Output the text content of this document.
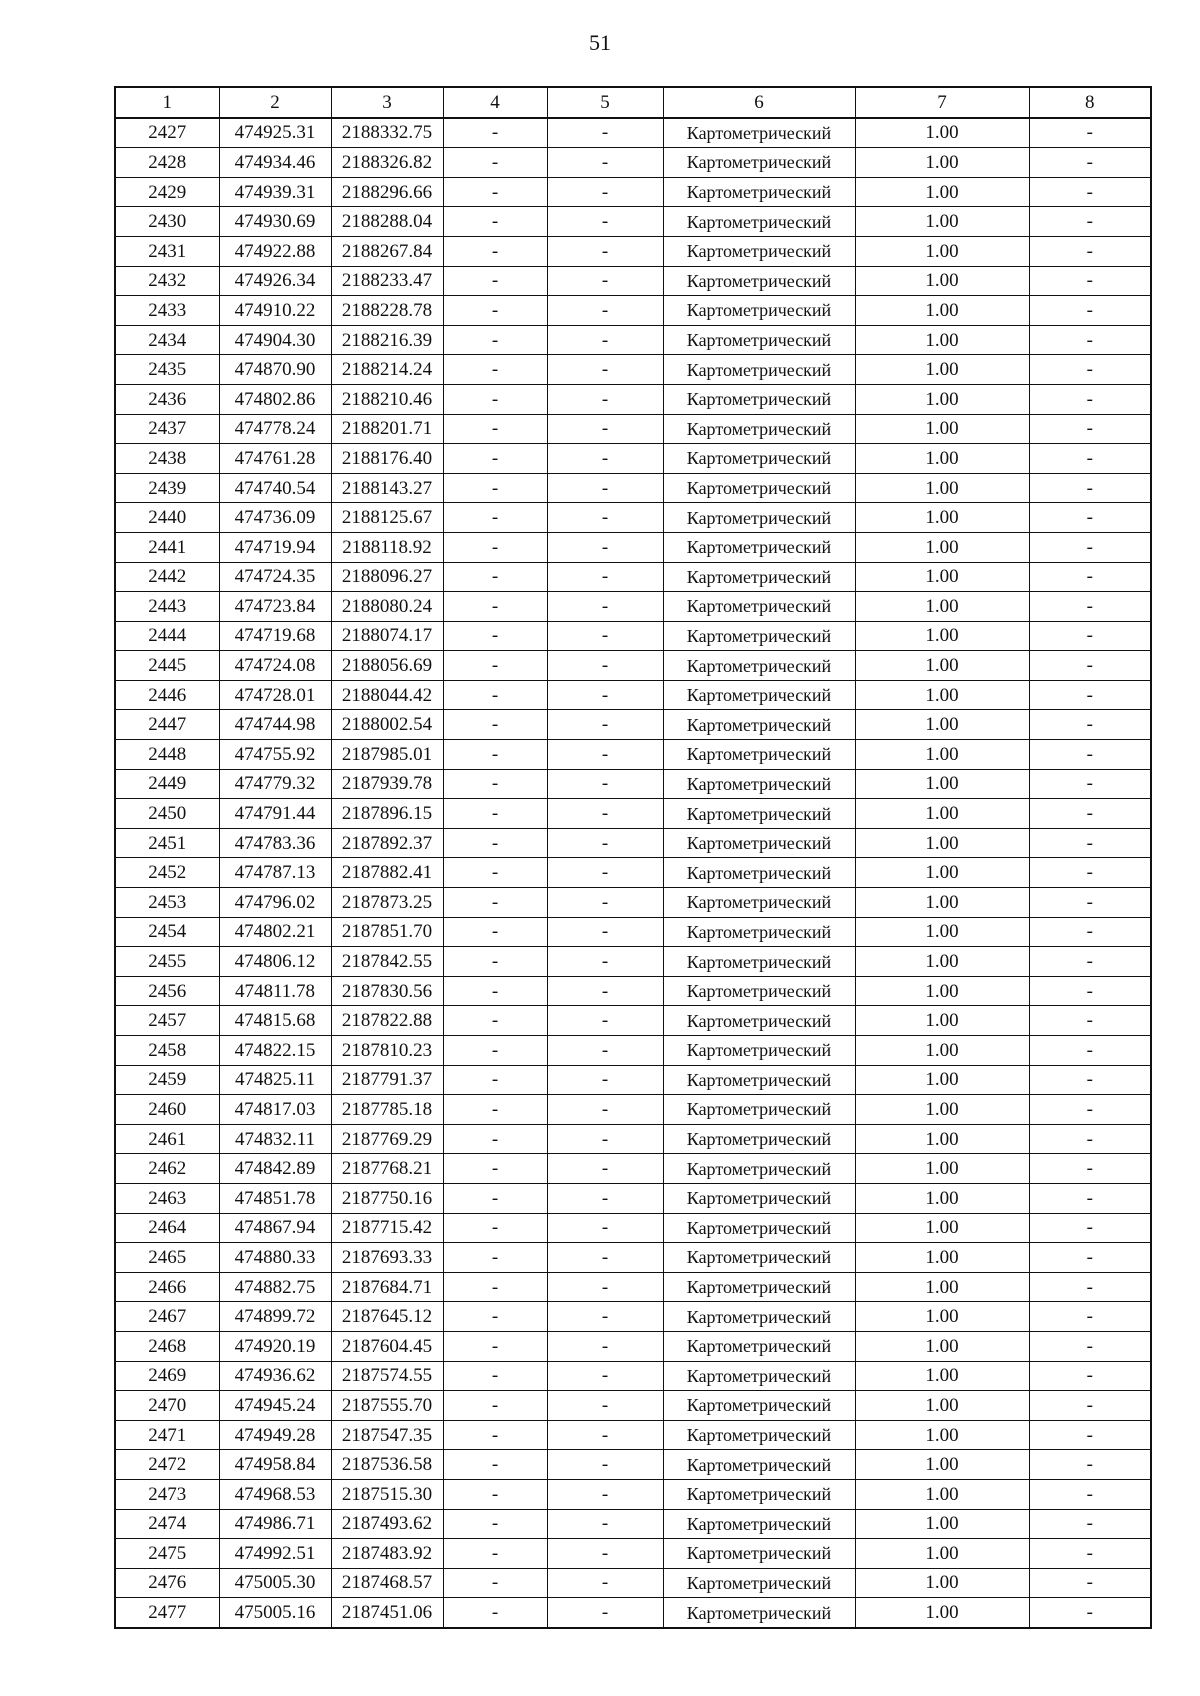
51
1	2	3	4	5	6	7	8
2427	474925.31	2188332.75	-	-	Картометрический	1.00	-
2428	474934.46	2188326.82	-	-	Картометрический	1.00	-
2429	474939.31	2188296.66	-	-	Картометрический	1.00	-
2430	474930.69	2188288.04	-	-	Картометрический	1.00	-
2431	474922.88	2188267.84	-	-	Картометрический	1.00	-
2432	474926.34	2188233.47	-	-	Картометрический	1.00	-
2433	474910.22	2188228.78	-	-	Картометрический	1.00	-
2434	474904.30	2188216.39	-	-	Картометрический	1.00	-
2435	474870.90	2188214.24	-	-	Картометрический	1.00	-
2436	474802.86	2188210.46	-	-	Картометрический	1.00	-
2437	474778.24	2188201.71	-	-	Картометрический	1.00	-
2438	474761.28	2188176.40	-	-	Картометрический	1.00	-
2439	474740.54	2188143.27	-	-	Картометрический	1.00	-
2440	474736.09	2188125.67	-	-	Картометрический	1.00	-
2441	474719.94	2188118.92	-	-	Картометрический	1.00	-
2442	474724.35	2188096.27	-	-	Картометрический	1.00	-
2443	474723.84	2188080.24	-	-	Картометрический	1.00	-
2444	474719.68	2188074.17	-	-	Картометрический	1.00	-
2445	474724.08	2188056.69	-	-	Картометрический	1.00	-
2446	474728.01	2188044.42	-	-	Картометрический	1.00	-
2447	474744.98	2188002.54	-	-	Картометрический	1.00	-
2448	474755.92	2187985.01	-	-	Картометрический	1.00	-
2449	474779.32	2187939.78	-	-	Картометрический	1.00	-
2450	474791.44	2187896.15	-	-	Картометрический	1.00	-
2451	474783.36	2187892.37	-	-	Картометрический	1.00	-
2452	474787.13	2187882.41	-	-	Картометрический	1.00	-
2453	474796.02	2187873.25	-	-	Картометрический	1.00	-
2454	474802.21	2187851.70	-	-	Картометрический	1.00	-
2455	474806.12	2187842.55	-	-	Картометрический	1.00	-
2456	474811.78	2187830.56	-	-	Картометрический	1.00	-
2457	474815.68	2187822.88	-	-	Картометрический	1.00	-
2458	474822.15	2187810.23	-	-	Картометрический	1.00	-
2459	474825.11	2187791.37	-	-	Картометрический	1.00	-
2460	474817.03	2187785.18	-	-	Картометрический	1.00	-
2461	474832.11	2187769.29	-	-	Картометрический	1.00	-
2462	474842.89	2187768.21	-	-	Картометрический	1.00	-
2463	474851.78	2187750.16	-	-	Картометрический	1.00	-
2464	474867.94	2187715.42	-	-	Картометрический	1.00	-
2465	474880.33	2187693.33	-	-	Картометрический	1.00	-
2466	474882.75	2187684.71	-	-	Картометрический	1.00	-
2467	474899.72	2187645.12	-	-	Картометрический	1.00	-
2468	474920.19	2187604.45	-	-	Картометрический	1.00	-
2469	474936.62	2187574.55	-	-	Картометрический	1.00	-
2470	474945.24	2187555.70	-	-	Картометрический	1.00	-
2471	474949.28	2187547.35	-	-	Картометрический	1.00	-
2472	474958.84	2187536.58	-	-	Картометрический	1.00	-
2473	474968.53	2187515.30	-	-	Картометрический	1.00	-
2474	474986.71	2187493.62	-	-	Картометрический	1.00	-
2475	474992.51	2187483.92	-	-	Картометрический	1.00	-
2476	475005.30	2187468.57	-	-	Картометрический	1.00	-
2477	475005.16	2187451.06	-	-	Картометрический	1.00	-
